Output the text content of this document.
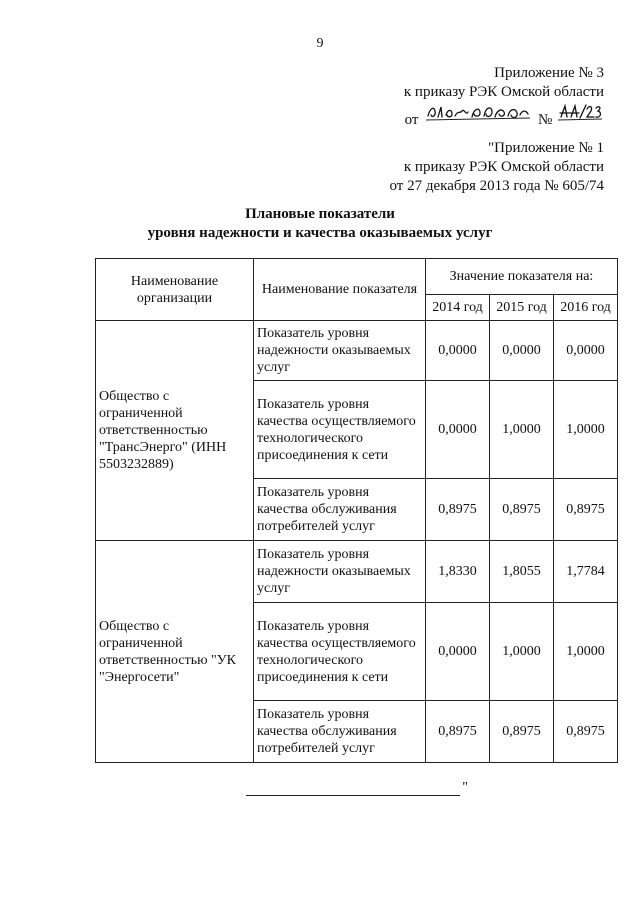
9
Приложение № 3
к приказу РЭК Омской области
от	№
"Приложение № 1
к приказу РЭК Омской области
от 27 декабря 2013 года № 605/74
Плановые показатели
уровня надежности и качества оказываемых услуг
Наименование организации	Наименование показателя	Значение показателя на:		
		2014 год	2015 год	2016 год
Общество с ограниченной ответственностью "ТрансЭнерго" (ИНН 5503232889)	Показатель уровня надежности оказываемых услуг	0,0000	0,0000	0,0000
	Показатель уровня качества осуществляемого технологического присоединения к сети	0,0000	1,0000	1,0000
	Показатель уровня качества обслуживания потребителей услуг	0,8975	0,8975	0,8975
Общество с ограниченной ответственностью "УК "Энергосети"	Показатель уровня надежности оказываемых услуг	1,8330	1,8055	1,7784
	Показатель уровня качества осуществляемого технологического присоединения к сети	0,0000	1,0000	1,0000
	Показатель уровня качества обслуживания потребителей услуг	0,8975	0,8975	0,8975
"
